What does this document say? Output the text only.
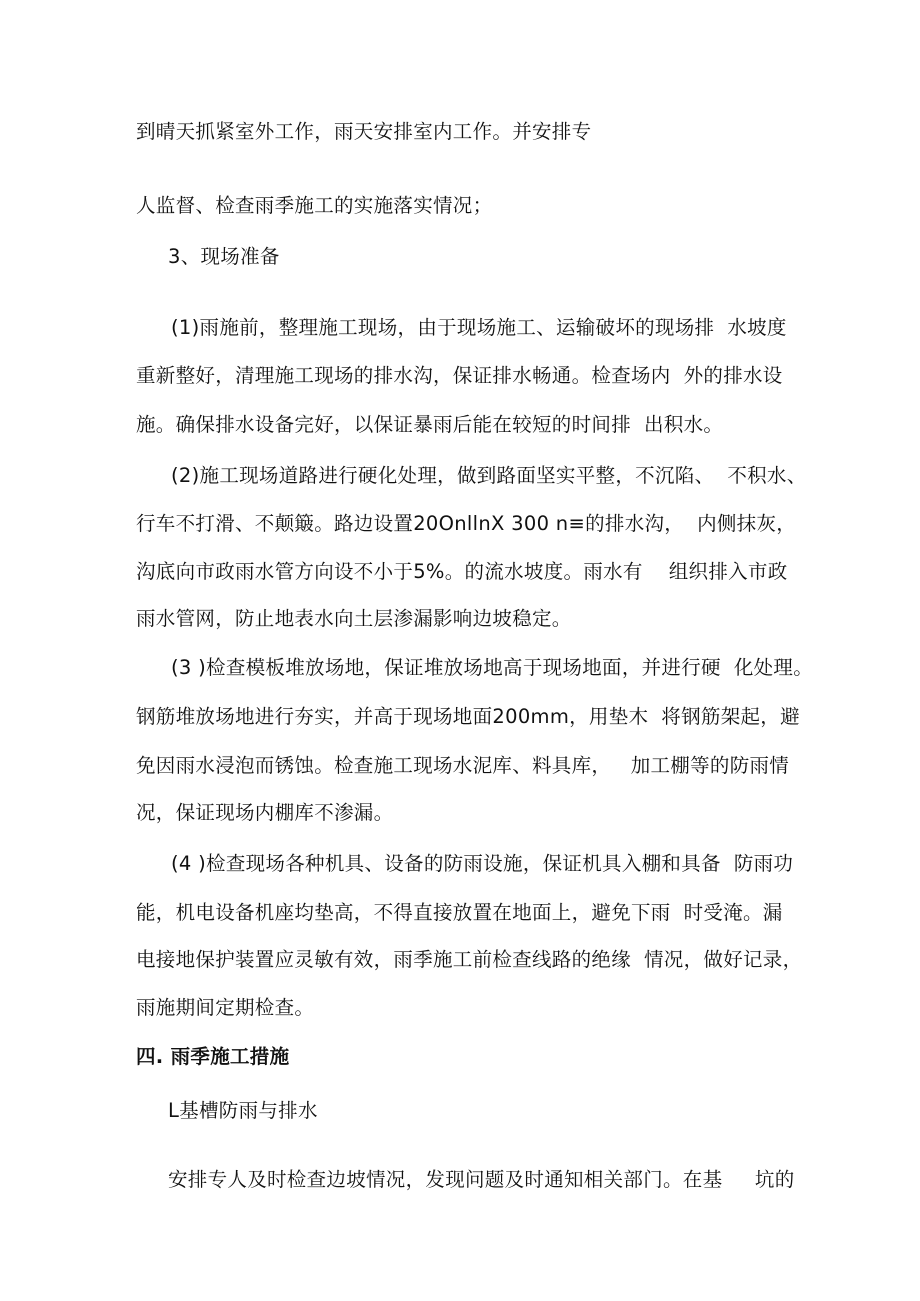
到晴天抓紧室外工作，雨天安排室内工作。并安排专
人监督、检查雨季施工的实施落实情况；
3、现场准备
(1)雨施前，整理施工现场，由于现场施工、运输破坏的现场排  水坡度
重新整好，清理施工现场的排水沟，保证排水畅通。检查场内  外的排水设
施。确保排水设备完好，以保证暴雨后能在较短的时间排  出积水。
(2)施工现场道路进行硬化处理，做到路面坚实平整，不沉陷、  不积水、
行车不打滑、不颠簸。路边设置20OnllnX 300 n≡的排水沟，  内侧抹灰，
沟底向市政雨水管方向设不小于5%。的流水坡度。雨水有    组织排入市政
雨水管网，防止地表水向土层渗漏影响边坡稳定。
(3 )检查模板堆放场地，保证堆放场地高于现场地面，并进行硬  化处理。
钢筋堆放场地进行夯实，并高于现场地面200mm，用垫木  将钢筋架起，避
免因雨水浸泡而锈蚀。检查施工现场水泥库、料具库，   加工棚等的防雨情
况，保证现场内棚库不渗漏。
(4 )检查现场各种机具、设备的防雨设施，保证机具入棚和具备  防雨功
能，机电设备机座均垫高，不得直接放置在地面上，避免下雨  时受淹。漏
电接地保护装置应灵敏有效，雨季施工前检查线路的绝缘  情况，做好记录，
雨施期间定期检查。
四. 雨季施工措施
L基槽防雨与排水
安排专人及时检查边坡情况，发现问题及时通知相关部门。在基     坑的
